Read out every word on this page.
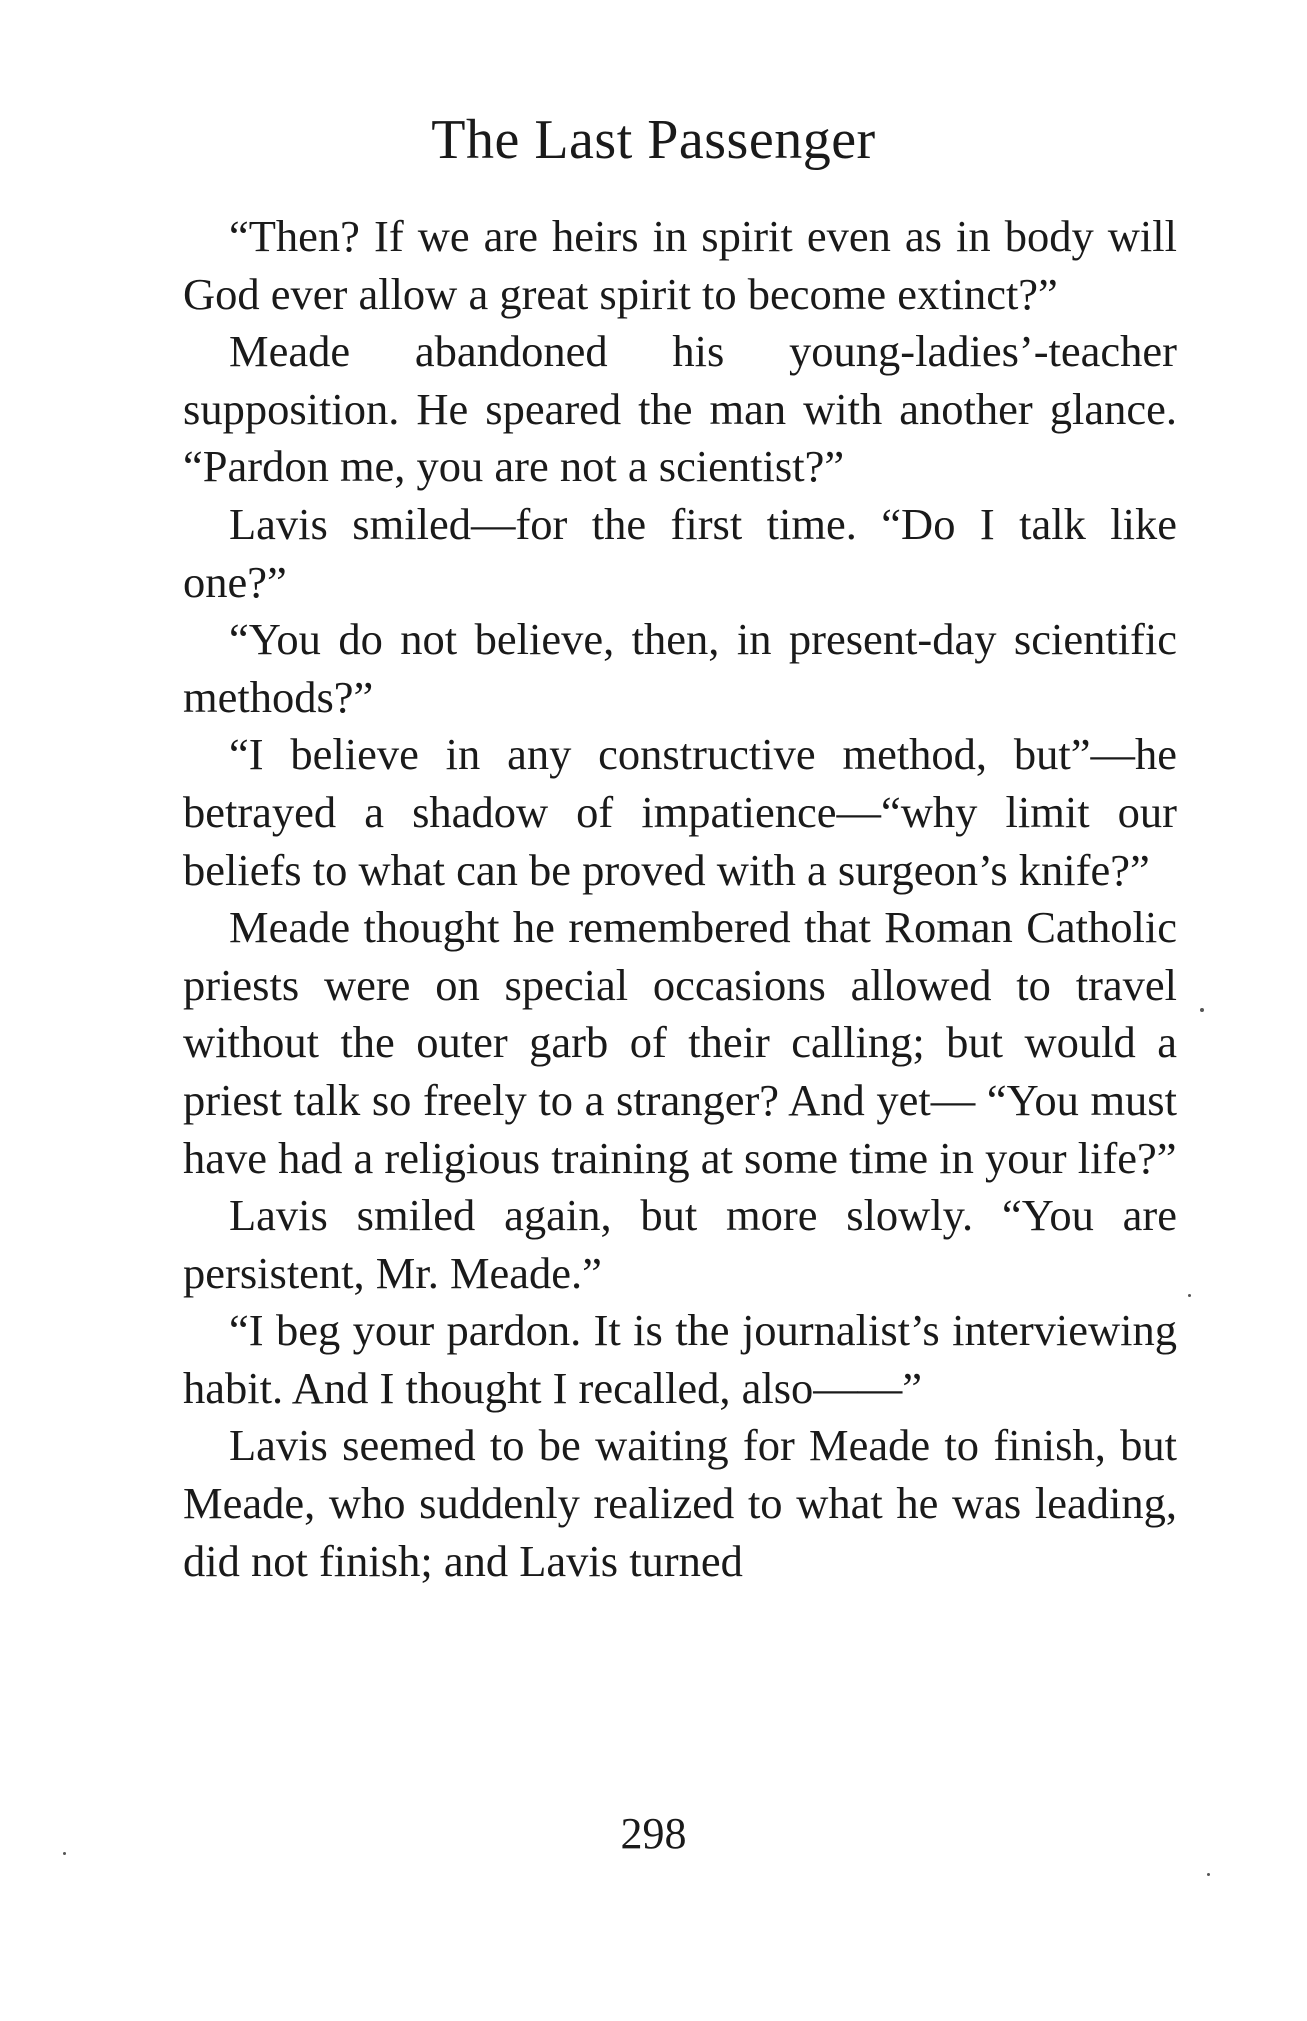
The Last Passenger

“Then? If we are heirs in spirit even as in body will God ever allow a great spirit to become extinct?”

Meade abandoned his young-ladies’-teacher supposition. He speared the man with another glance. “Pardon me, you are not a scientist?”

Lavis smiled—for the first time. “Do I talk like one?”

“You do not believe, then, in present-day scientific methods?”

“I believe in any constructive method, but”—he betrayed a shadow of impatience—“why limit our beliefs to what can be proved with a surgeon’s knife?”

Meade thought he remembered that Roman Catholic priests were on special occasions allowed to travel without the outer garb of their calling; but would a priest talk so freely to a stranger? And yet— “You must have had a religious training at some time in your life?”

Lavis smiled again, but more slowly. “You are persistent, Mr. Meade.”

“I beg your pardon. It is the journalist’s interviewing habit. And I thought I recalled, also——”

Lavis seemed to be waiting for Meade to finish, but Meade, who suddenly realized to what he was leading, did not finish; and Lavis turned

298
